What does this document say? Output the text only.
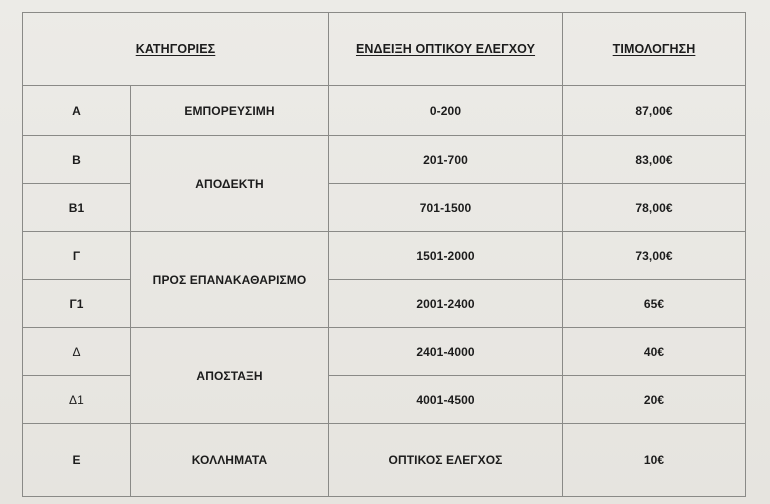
ΚΑΤΗΓΟΡΙΕΣ		ΕΝΔΕΙΞΗ ΟΠΤΙΚΟΥ ΕΛΕΓΧΟΥ	ΤΙΜΟΛΟΓΗΣΗ
Α	ΕΜΠΟΡΕΥΣΙΜΗ	0-200	87,00€
Β	ΑΠΟΔΕΚΤΗ	201-700	83,00€
Β1		701-1500	78,00€
Γ	ΠΡΟΣ ΕΠΑΝΑΚΑΘΑΡΙΣΜΟ	1501-2000	73,00€
Γ1		2001-2400	65€
Δ	ΑΠΟΣΤΑΞΗ	2401-4000	40€
Δ1		4001-4500	20€
Ε	ΚΟΛΛΗΜΑΤΑ	ΟΠΤΙΚΟΣ ΕΛΕΓΧΟΣ	10€
